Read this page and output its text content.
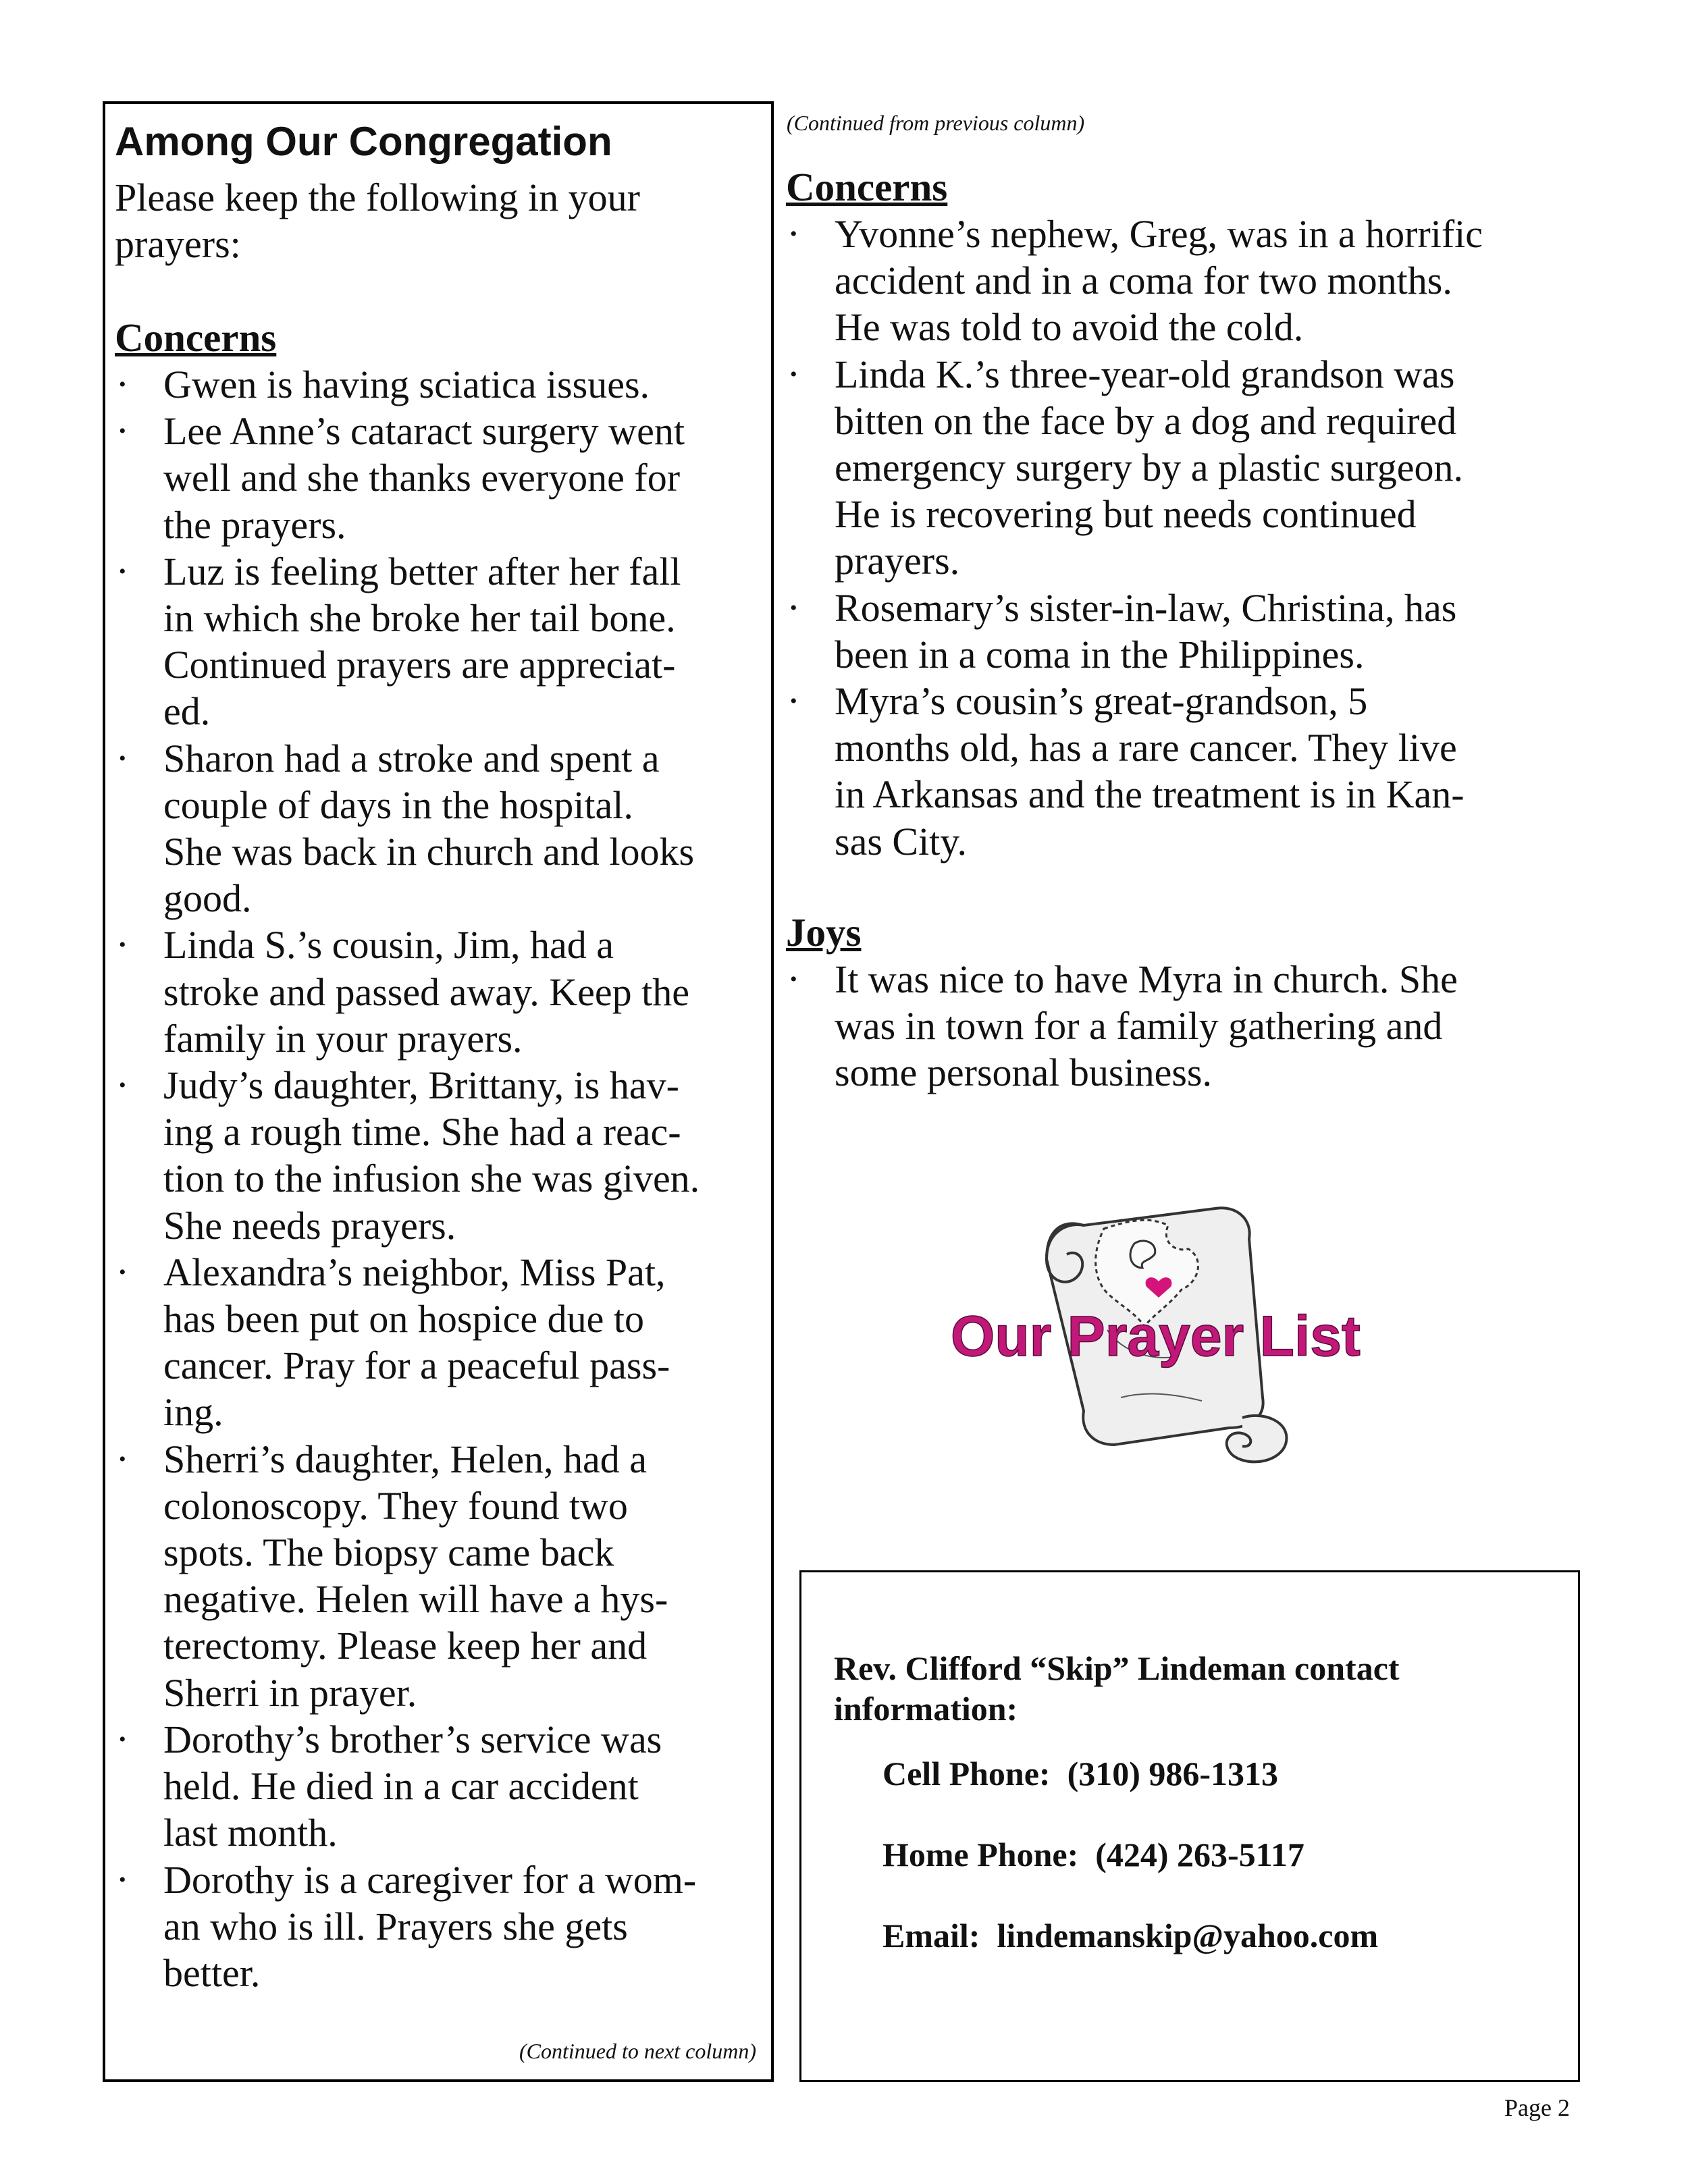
Among Our Congregation

Please keep the following in your prayers:

Concerns

• Gwen is having sciatica issues.
• Lee Anne’s cataract surgery went
well and she thanks everyone for
the prayers.
• Luz is feeling better after her fall
in which she broke her tail bone.
Continued prayers are appreciat-
ed.
• Sharon had a stroke and spent a
couple of days in the hospital.
She was back in church and looks
good.
• Linda S.’s cousin, Jim, had a
stroke and passed away. Keep the
family in your prayers.
• Judy’s daughter, Brittany, is hav-
ing a rough time. She had a reac-
tion to the infusion she was given.
She needs prayers.
• Alexandra’s neighbor, Miss Pat,
has been put on hospice due to
cancer. Pray for a peaceful pass-
ing.
• Sherri’s daughter, Helen, had a
colonoscopy. They found two
spots. The biopsy came back
negative. Helen will have a hys-
terectomy. Please keep her and
Sherri in prayer.
• Dorothy’s brother’s service was
held. He died in a car accident
last month.
• Dorothy is a caregiver for a wom-
an who is ill. Prayers she gets
better.

(Continued to next column)

(Continued from previous column)

Concerns

• Yvonne’s nephew, Greg, was in a horrific
accident and in a coma for two months.
He was told to avoid the cold.
• Linda K.’s three-year-old grandson was
bitten on the face by a dog and required
emergency surgery by a plastic surgeon.
He is recovering but needs continued
prayers.
• Rosemary’s sister-in-law, Christina, has
been in a coma in the Philippines.
• Myra’s cousin’s great-grandson, 5
months old, has a rare cancer. They live
in Arkansas and the treatment is in Kan-
sas City.

Joys

• It was nice to have Myra in church. She
was in town for a family gathering and
some personal business.
Our Prayer List

Rev. Clifford “Skip” Lindeman contact information:

Cell Phone: (310) 986-1313

Home Phone: (424) 263-5117

Email: lindemanskip@yahoo.com

Page 2
